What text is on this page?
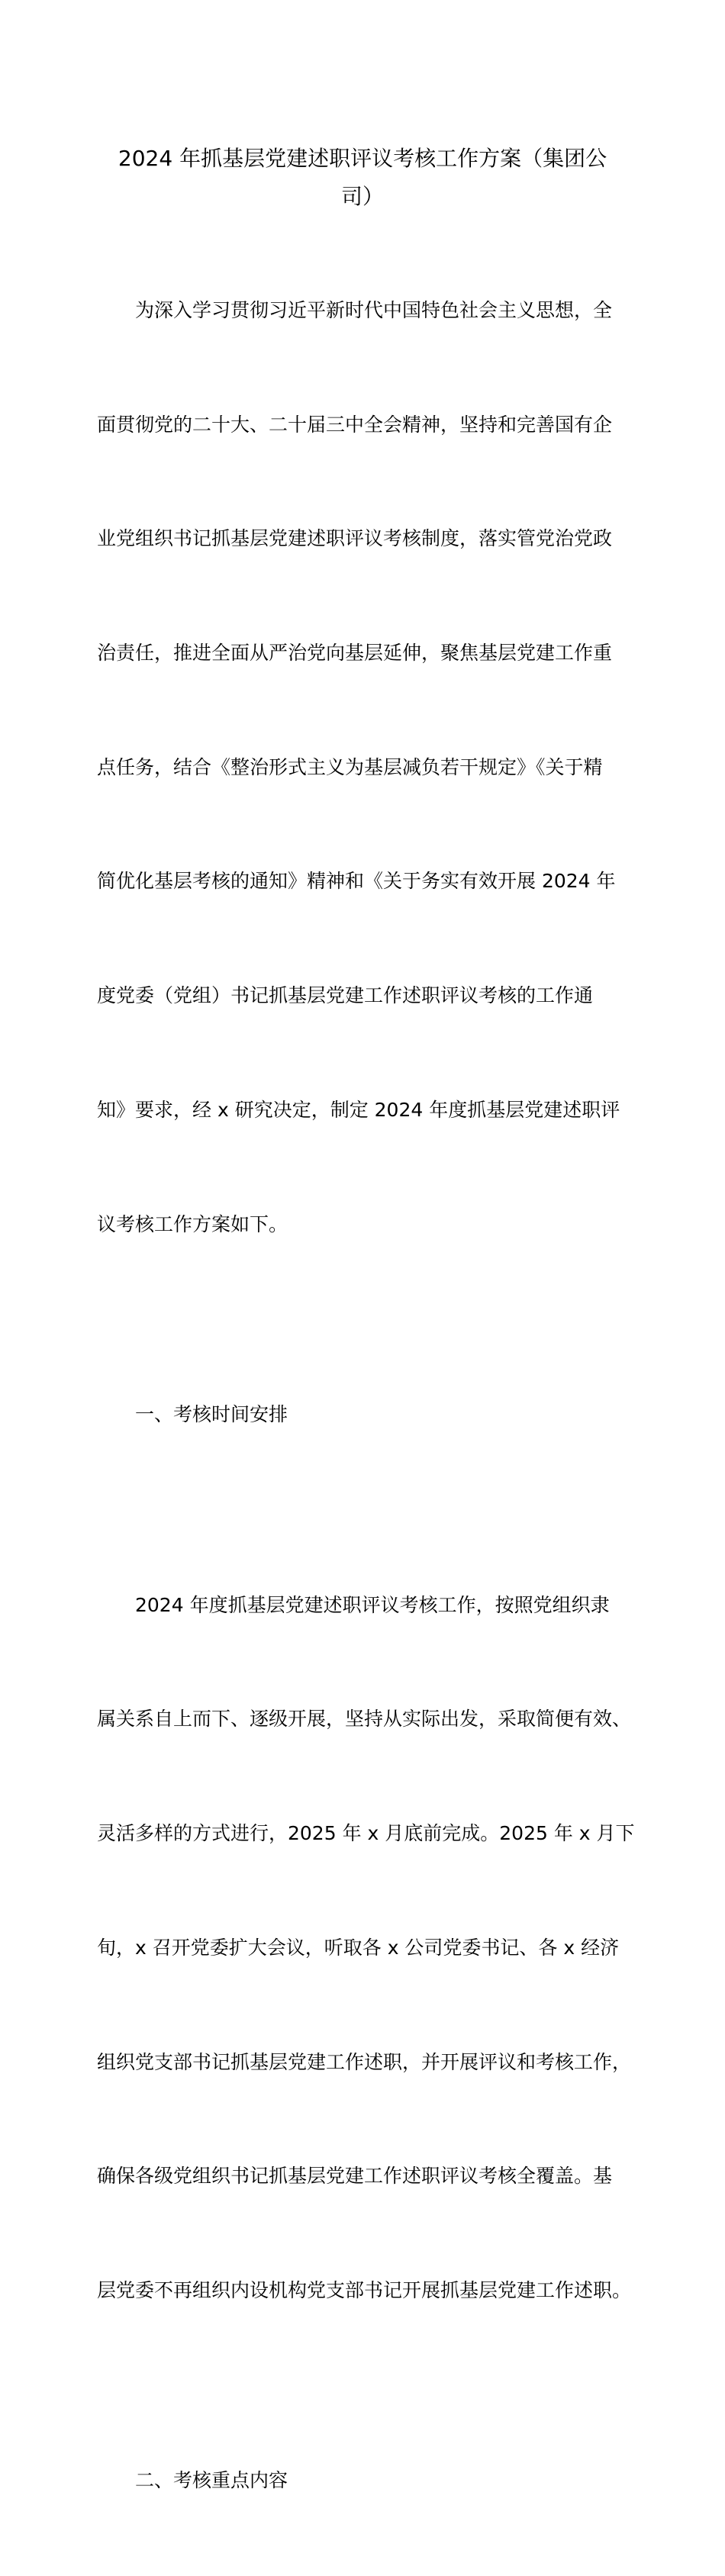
2024 年抓基层党建述职评议考核工作方案（集团公
司）

为深入学习贯彻习近平新时代中国特色社会主义思想，全

面贯彻党的二十大、二十届三中全会精神，坚持和完善国有企

业党组织书记抓基层党建述职评议考核制度，落实管党治党政

治责任，推进全面从严治党向基层延伸，聚焦基层党建工作重

点任务，结合《整治形式主义为基层减负若干规定》《关于精

简优化基层考核的通知》精神和《关于务实有效开展 2024 年

度党委（党组）书记抓基层党建工作述职评议考核的工作通

知》要求，经 x 研究决定，制定 2024 年度抓基层党建述职评

议考核工作方案如下。

一、考核时间安排

2024 年度抓基层党建述职评议考核工作，按照党组织隶

属关系自上而下、逐级开展，坚持从实际出发，采取简便有效、

灵活多样的方式进行，2025 年 x 月底前完成。2025 年 x 月下

旬，x 召开党委扩大会议，听取各 x 公司党委书记、各 x 经济

组织党支部书记抓基层党建工作述职，并开展评议和考核工作，

确保各级党组织书记抓基层党建工作述职评议考核全覆盖。基

层党委不再组织内设机构党支部书记开展抓基层党建工作述职。

二、考核重点内容
